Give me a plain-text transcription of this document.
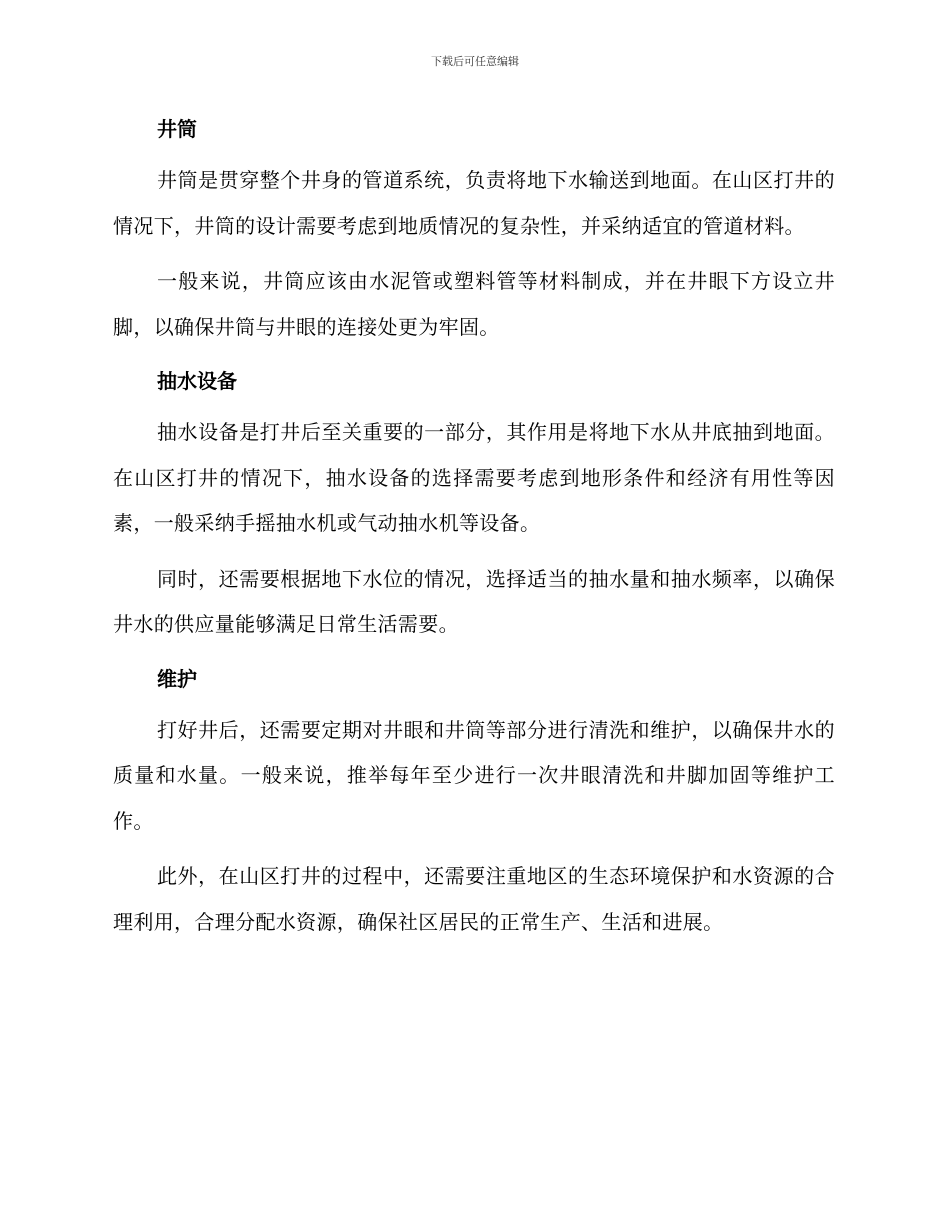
下载后可任意编辑
井筒

井筒是贯穿整个井身的管道系统，负责将地下水输送到地面。在山区打井的情况下，井筒的设计需要考虑到地质情况的复杂性，并采纳适宜的管道材料。

一般来说，井筒应该由水泥管或塑料管等材料制成，并在井眼下方设立井脚，以确保井筒与井眼的连接处更为牢固。

抽水设备

抽水设备是打井后至关重要的一部分，其作用是将地下水从井底抽到地面。在山区打井的情况下，抽水设备的选择需要考虑到地形条件和经济有用性等因素，一般采纳手摇抽水机或气动抽水机等设备。

同时，还需要根据地下水位的情况，选择适当的抽水量和抽水频率，以确保井水的供应量能够满足日常生活需要。

维护

打好井后，还需要定期对井眼和井筒等部分进行清洗和维护，以确保井水的质量和水量。一般来说，推举每年至少进行一次井眼清洗和井脚加固等维护工作。

此外，在山区打井的过程中，还需要注重地区的生态环境保护和水资源的合理利用，合理分配水资源，确保社区居民的正常生产、生活和进展。
